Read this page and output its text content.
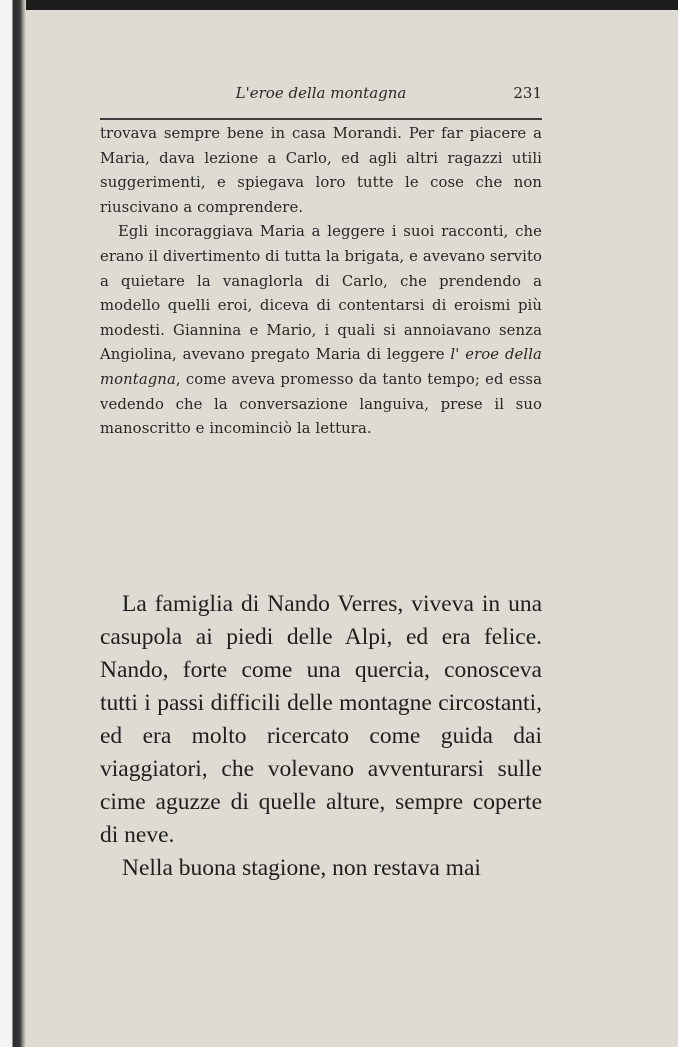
L'eroe della montagna	231

trovava sempre bene in casa Morandi. Per far piacere a Maria, dava lezione a Carlo, ed agli altri ragazzi utili suggerimenti, e spiegava loro tutte le cose che non riuscivano a comprendere.

Egli incoraggiava Maria a leggere i suoi racconti, che erano il divertimento di tutta la brigata, e avevano servito a quietare la vanaglorla di Carlo, che prendendo a modello quelli eroi, diceva di contentarsi di eroismi più modesti. Giannina e Mario, i quali si annoiavano senza Angiolina, avevano pregato Maria di leggere l' eroe della montagna, come aveva promesso da tanto tempo; ed essa vedendo che la conversazione languiva, prese il suo manoscritto e incominciò la lettura.

La famiglia di Nando Verres, viveva in una casupola ai piedi delle Alpi, ed era felice. Nando, forte come una quercia, conosceva tutti i passi difficili delle montagne circostanti, ed era molto ricercato come guida dai viaggiatori, che volevano avventurarsi sulle cime aguzze di quelle alture, sempre coperte di neve.

Nella buona stagione, non restava mai
